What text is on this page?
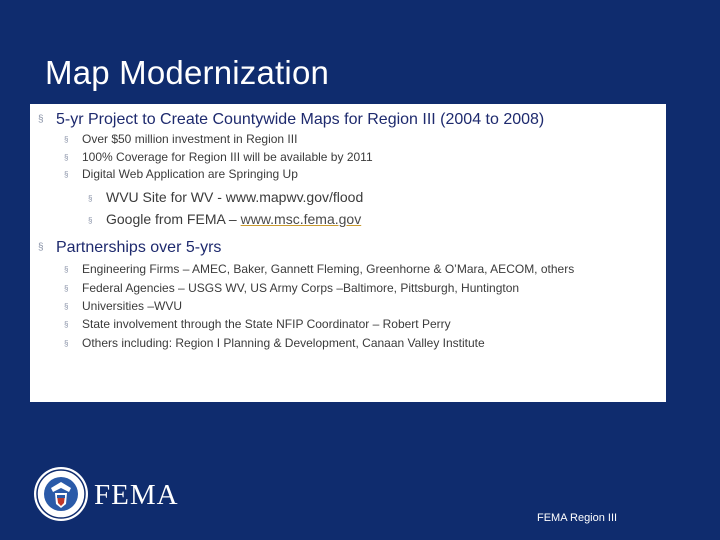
Map Modernization
§ 5-yr Project to Create Countywide Maps for Region III (2004 to 2008)
§ Over $50 million investment in Region III
§ 100% Coverage for Region III will be available by 2011
§ Digital Web Application are Springing Up
§ WVU Site for WV - www.mapwv.gov/flood
§ Google from FEMA – www.msc.fema.gov
§ Partnerships over 5-yrs
§ Engineering Firms – AMEC, Baker, Gannett Fleming, Greenhorne & O’Mara, AECOM, others
§ Federal Agencies – USGS WV, US Army Corps –Baltimore, Pittsburgh, Huntington
§ Universities –WVU
§ State involvement through the State NFIP Coordinator – Robert Perry
§ Others including: Region I Planning & Development, Canaan Valley Institute
FEMA
FEMA Region III
